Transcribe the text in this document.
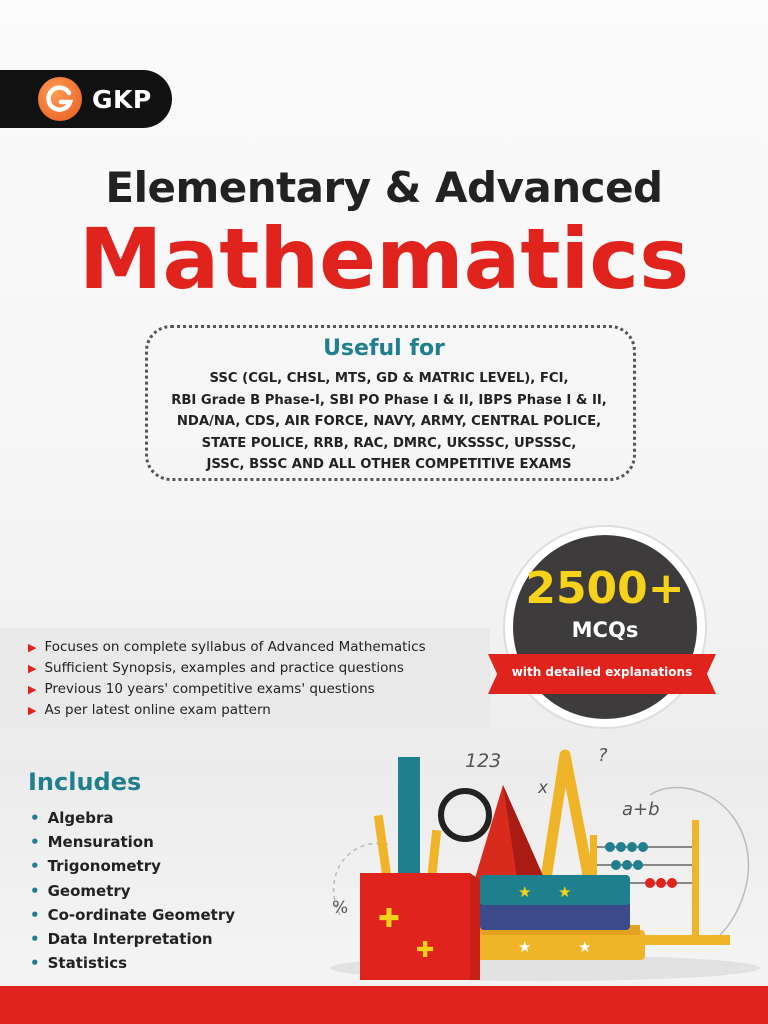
GKP
Elementary & Advanced
Mathematics
Useful for
SSC (CGL, CHSL, MTS, GD & MATRIC LEVEL), FCI,
RBI Grade B Phase-I, SBI PO Phase I & II, IBPS Phase I & II,
NDA/NA, CDS, AIR FORCE, NAVY, ARMY, CENTRAL POLICE,
STATE POLICE, RRB, RAC, DMRC, UKSSSC, UPSSSC,
JSSC, BSSC AND ALL OTHER COMPETITIVE EXAMS
▶ Focuses on complete syllabus of Advanced Mathematics
▶ Sufficient Synopsis, examples and practice questions
▶ Previous 10 years' competitive exams' questions
▶ As per latest online exam pattern
2500+
MCQs
with detailed explanations
Includes
• Algebra
• Mensuration
• Trigonometry
• Geometry
• Co-ordinate Geometry
• Data Interpretation
• Statistics
123
x
?
a+b
%
★ ★
★	★
✚
✚
